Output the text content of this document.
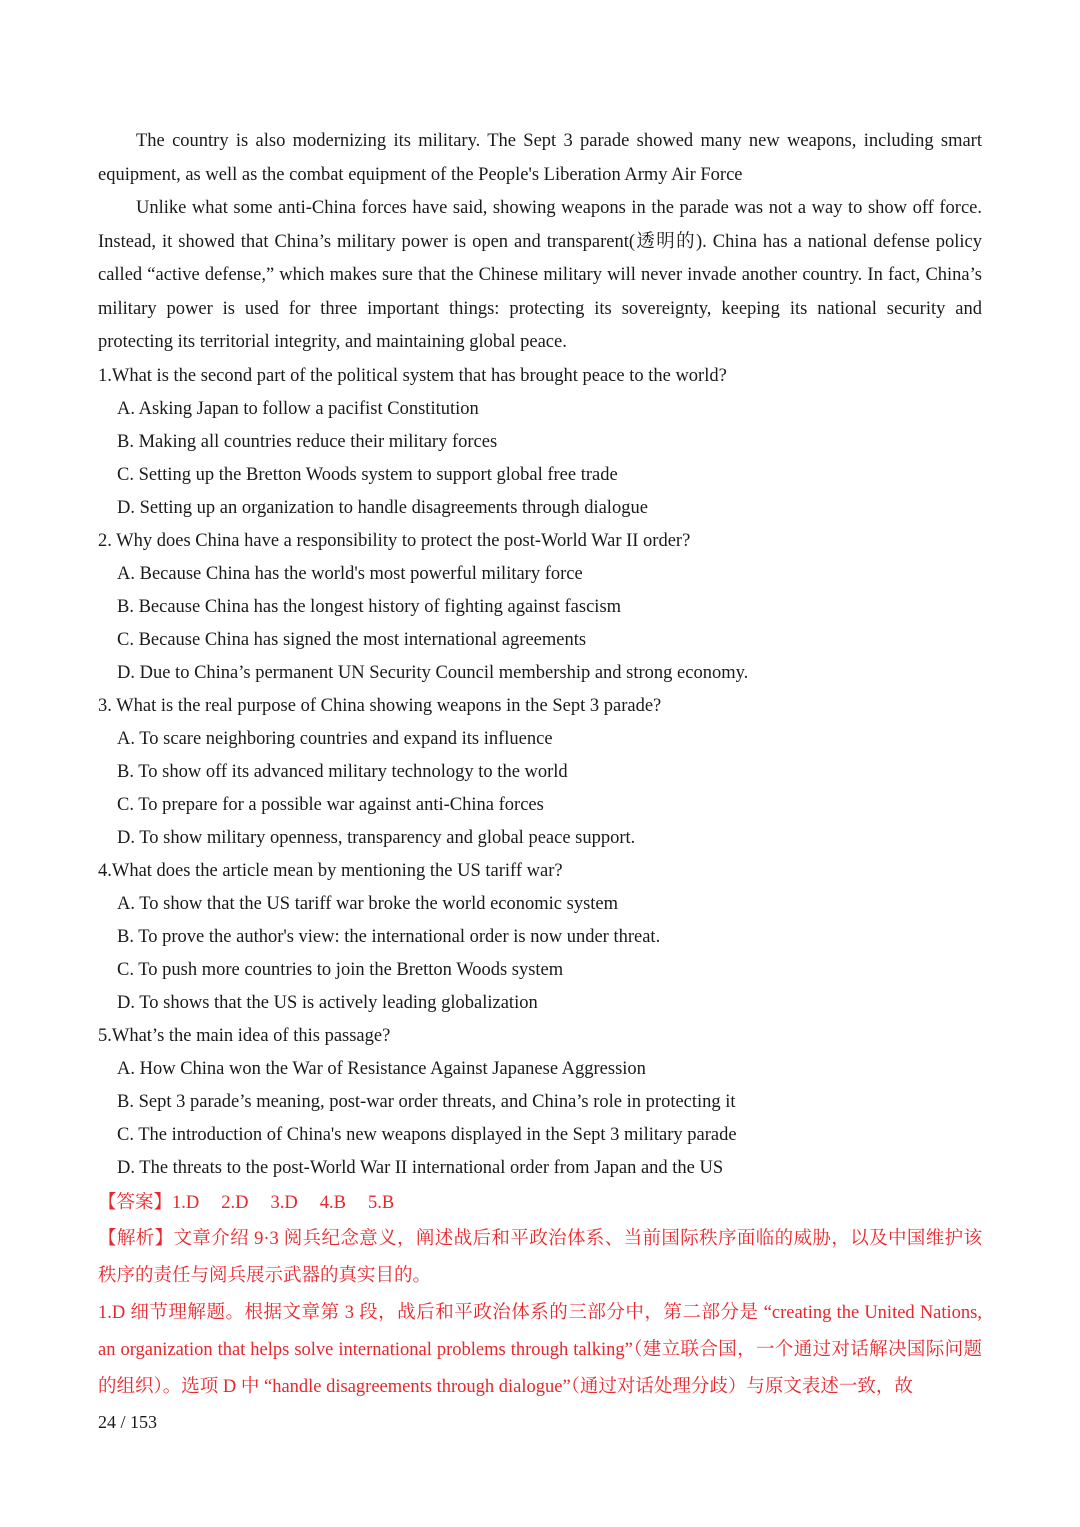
The country is also modernizing its military. The Sept 3 parade showed many new weapons, including smart equipment, as well as the combat equipment of the People's Liberation Army Air Force

Unlike what some anti-China forces have said, showing weapons in the parade was not a way to show off force. Instead, it showed that China’s military power is open and transparent(透明的). China has a national defense policy called “active defense,” which makes sure that the Chinese military will never invade another country. In fact, China’s military power is used for three important things: protecting its sovereignty, keeping its national security and protecting its territorial integrity, and maintaining global peace.

1.What is the second part of the political system that has brought peace to the world?

A. Asking Japan to follow a pacifist Constitution

B. Making all countries reduce their military forces

C. Setting up the Bretton Woods system to support global free trade

D. Setting up an organization to handle disagreements through dialogue

2. Why does China have a responsibility to protect the post-World War II order?

A. Because China has the world's most powerful military force

B. Because China has the longest history of fighting against fascism

C. Because China has signed the most international agreements

D. Due to China’s permanent UN Security Council membership and strong economy.

3. What is the real purpose of China showing weapons in the Sept 3 parade?

A. To scare neighboring countries and expand its influence

B. To show off its advanced military technology to the world

C. To prepare for a possible war against anti-China forces

D. To show military openness, transparency and global peace support.

4.What does the article mean by mentioning the US tariff war?

A. To show that the US tariff war broke the world economic system

B. To prove the author's view: the international order is now under threat.

C. To push more countries to join the Bretton Woods system

D. To shows that the US is actively leading globalization

5.What’s the main idea of this passage?

A. How China won the War of Resistance Against Japanese Aggression

B. Sept 3 parade’s meaning, post-war order threats, and China’s role in protecting it

C. The introduction of China's new weapons displayed in the Sept 3 military parade

D. The threats to the post-World War II international order from Japan and the US

【答案】1.D 2.D 3.D 4.B 5.B

【解析】文章介绍 9·3 阅兵纪念意义，阐述战后和平政治体系、当前国际秩序面临的威胁，以及中国维护该秩序的责任与阅兵展示武器的真实目的。

1.D 细节理解题。根据文章第 3 段，战后和平政治体系的三部分中，第二部分是 “creating the United Nations, an organization that helps solve international problems through talking”（建立联合国，一个通过对话解决国际问题的组织）。选项 D 中 “handle disagreements through dialogue”（通过对话处理分歧）与原文表述一致，故

24 / 153
